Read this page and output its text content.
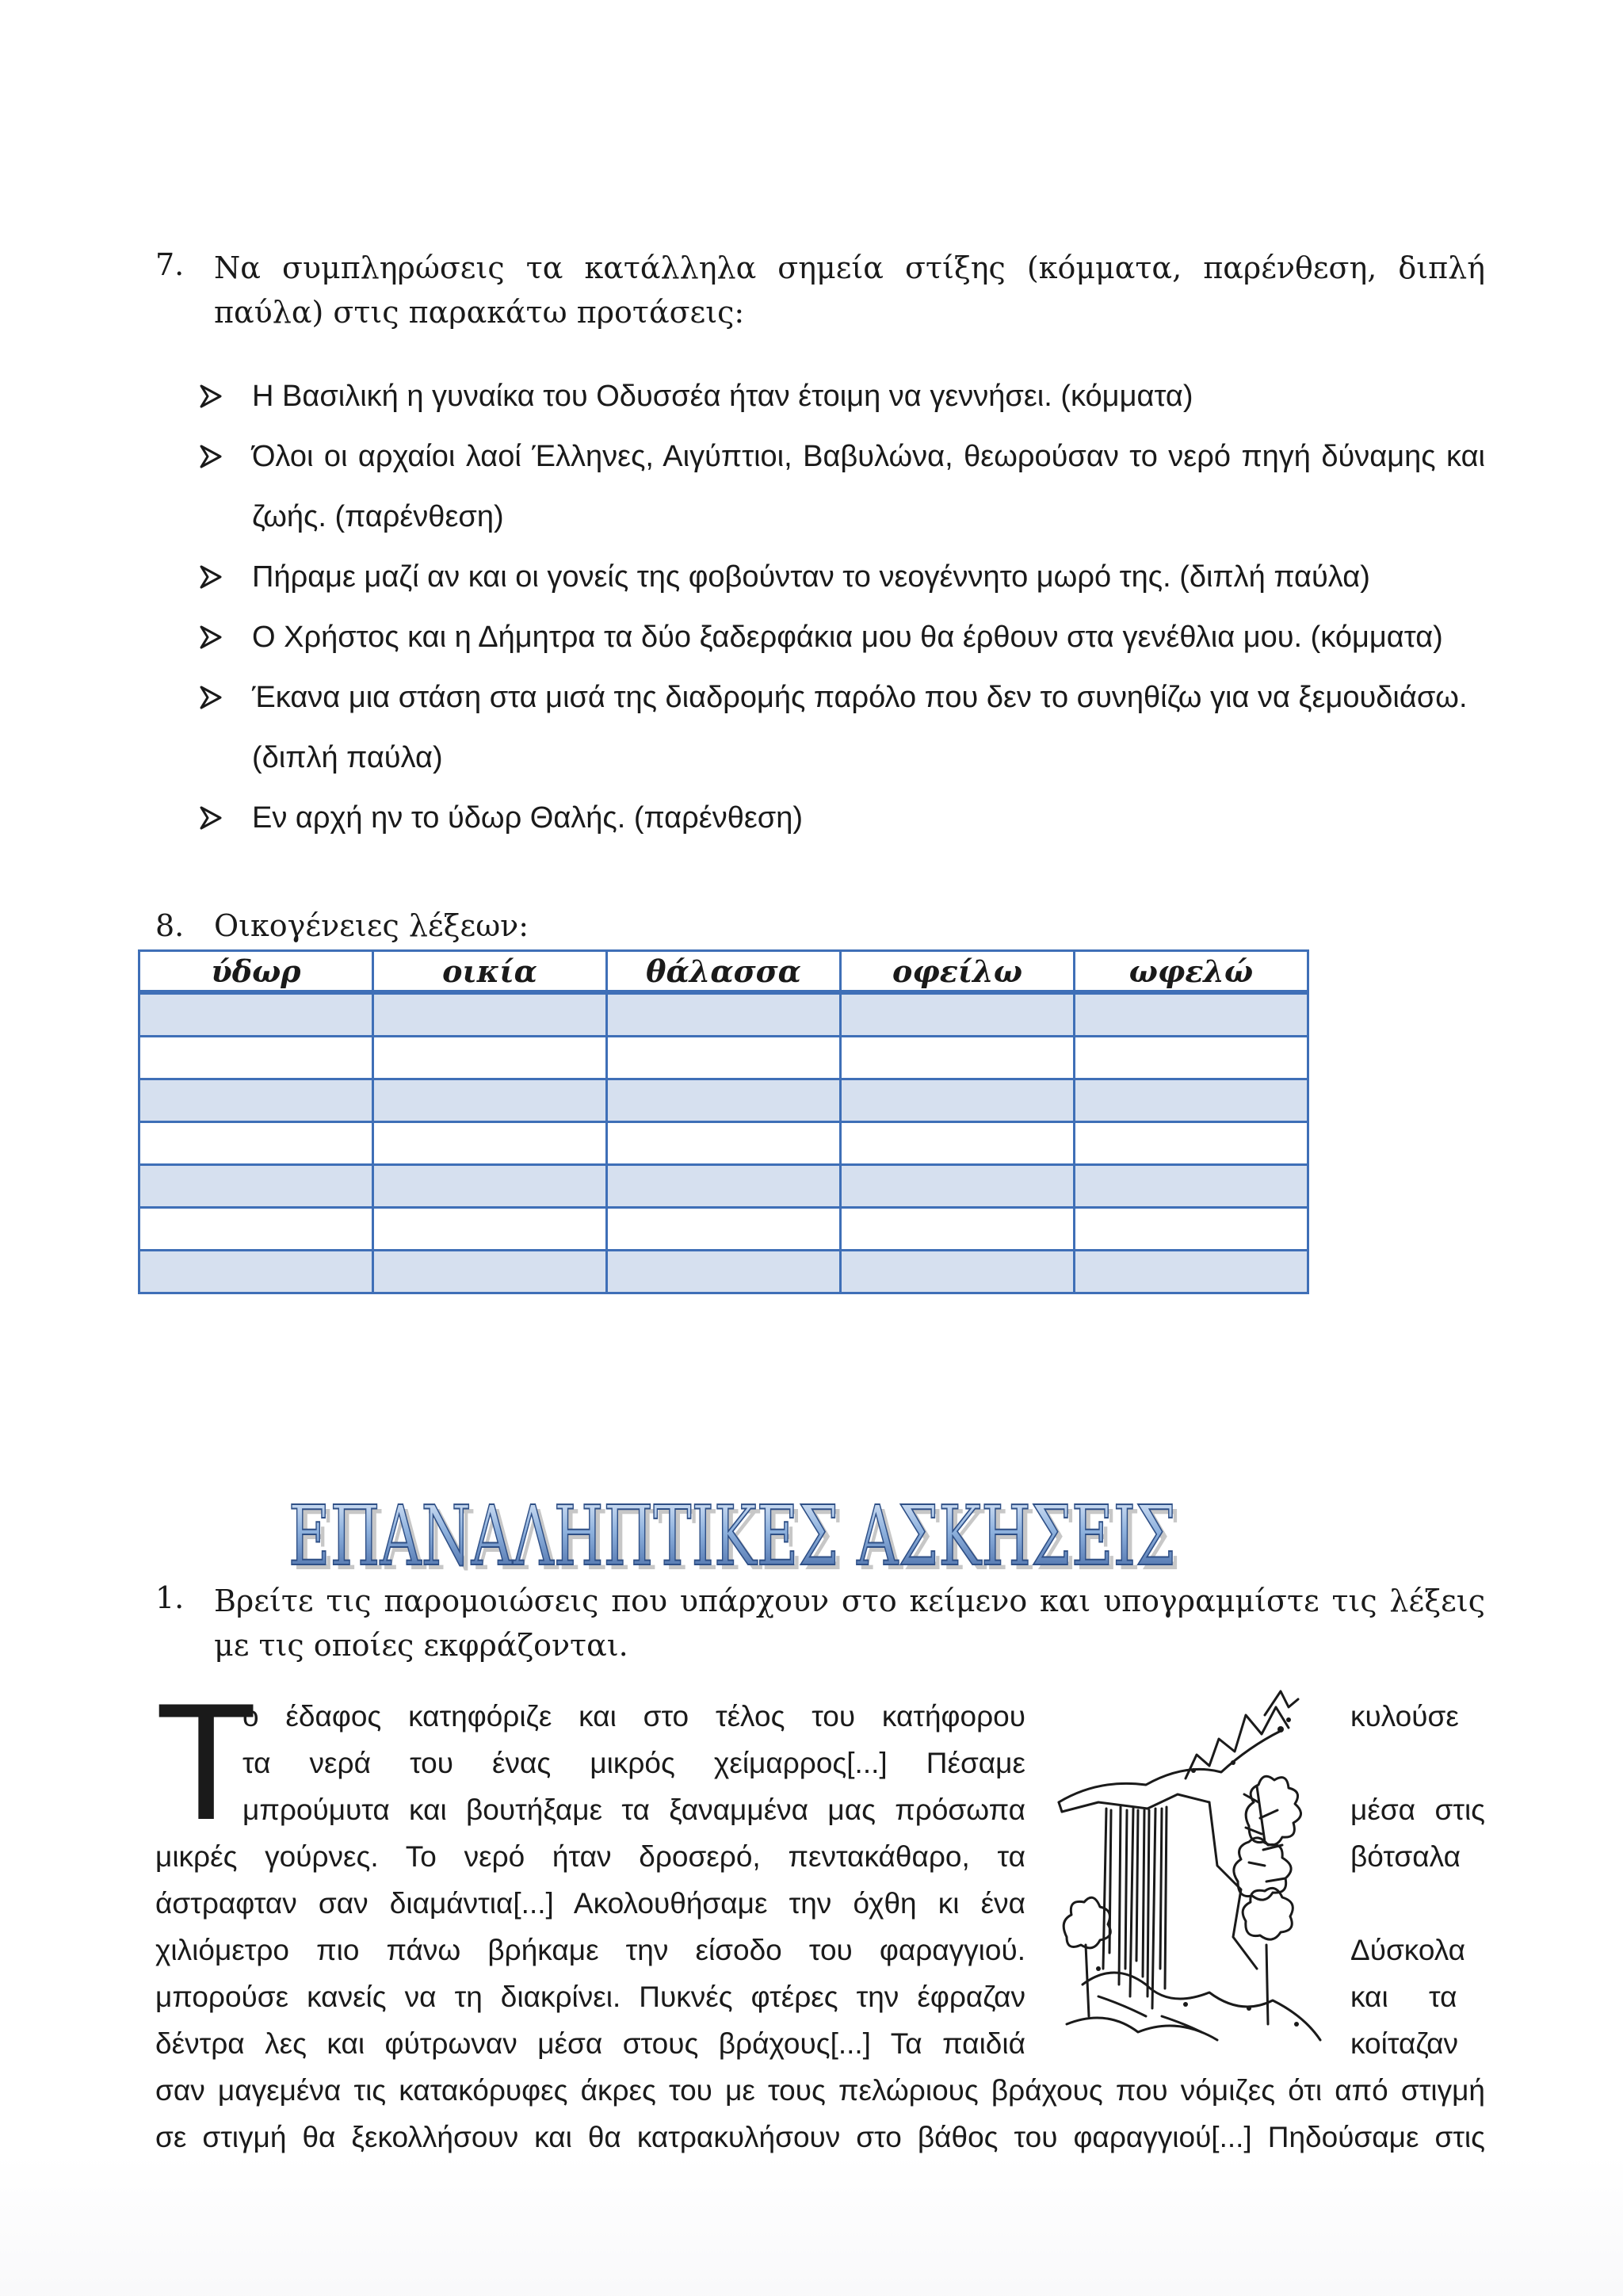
7. Να συμπληρώσεις τα κατάλληλα σημεία στίξης (κόμματα, παρένθεση, διπλή παύλα) στις παρακάτω προτάσεις:
Η Βασιλική η γυναίκα του Οδυσσέα ήταν έτοιμη να γεννήσει. (κόμματα)
Όλοι οι αρχαίοι λαοί Έλληνες, Αιγύπτιοι, Βαβυλώνα, θεωρούσαν το νερό πηγή δύναμης και ζωής. (παρένθεση)
Πήραμε μαζί αν και οι γονείς της φοβούνταν το νεογέννητο μωρό της. (διπλή παύλα)
Ο Χρήστος και η Δήμητρα τα δύο ξαδερφάκια μου θα έρθουν στα γενέθλια μου. (κόμματα)
Έκανα μια στάση στα μισά της διαδρομής παρόλο που δεν το συνηθίζω για να ξεμουδιάσω. (διπλή παύλα)
Εν αρχή ην το ύδωρ Θαλής. (παρένθεση)
8. Οικογένειες λέξεων:
ύδωρ	οικία	θάλασσα	οφείλω	ωφελώ

ΕΠΑΝΑΛΗΠΤΙΚΕΣ ΑΣΚΗΣΕΙΣ
ΕΠΑΝΑΛΗΠΤΙΚΕΣ ΑΣΚΗΣΕΙΣ
1. Βρείτε τις παρομοιώσεις που υπάρχουν στο κείμενο και υπογραμμίστε τις λέξεις με τις οποίες εκφράζονται.
Τ
ο έδαφος κατηφόριζε και στο τέλος του κατήφορου
τα νερά του ένας μικρός χείμαρρος[...] Πέσαμε
μπρούμυτα και βουτήξαμε τα ξαναμμένα μας πρόσωπα
μικρές γούρνες. Το νερό ήταν δροσερό, πεντακάθαρο, τα
άστραφταν σαν διαμάντια[...] Ακολουθήσαμε την όχθη κι ένα
χιλιόμετρο πιο πάνω βρήκαμε την είσοδο του φαραγγιού.
μπορούσε κανείς να τη διακρίνει. Πυκνές φτέρες την έφραζαν
δέντρα λες και φύτρωναν μέσα στους βράχους[...] Τα παιδιά
κυλούσε
μέσα στις
βότσαλα
Δύσκολα
και     τα
κοίταζαν
σαν μαγεμένα τις κατακόρυφες άκρες του με τους πελώριους βράχους που νόμιζες ότι από στιγμή
σε στιγμή θα ξεκολλήσουν και θα κατρακυλήσουν στο βάθος του φαραγγιού[...] Πηδούσαμε στις
